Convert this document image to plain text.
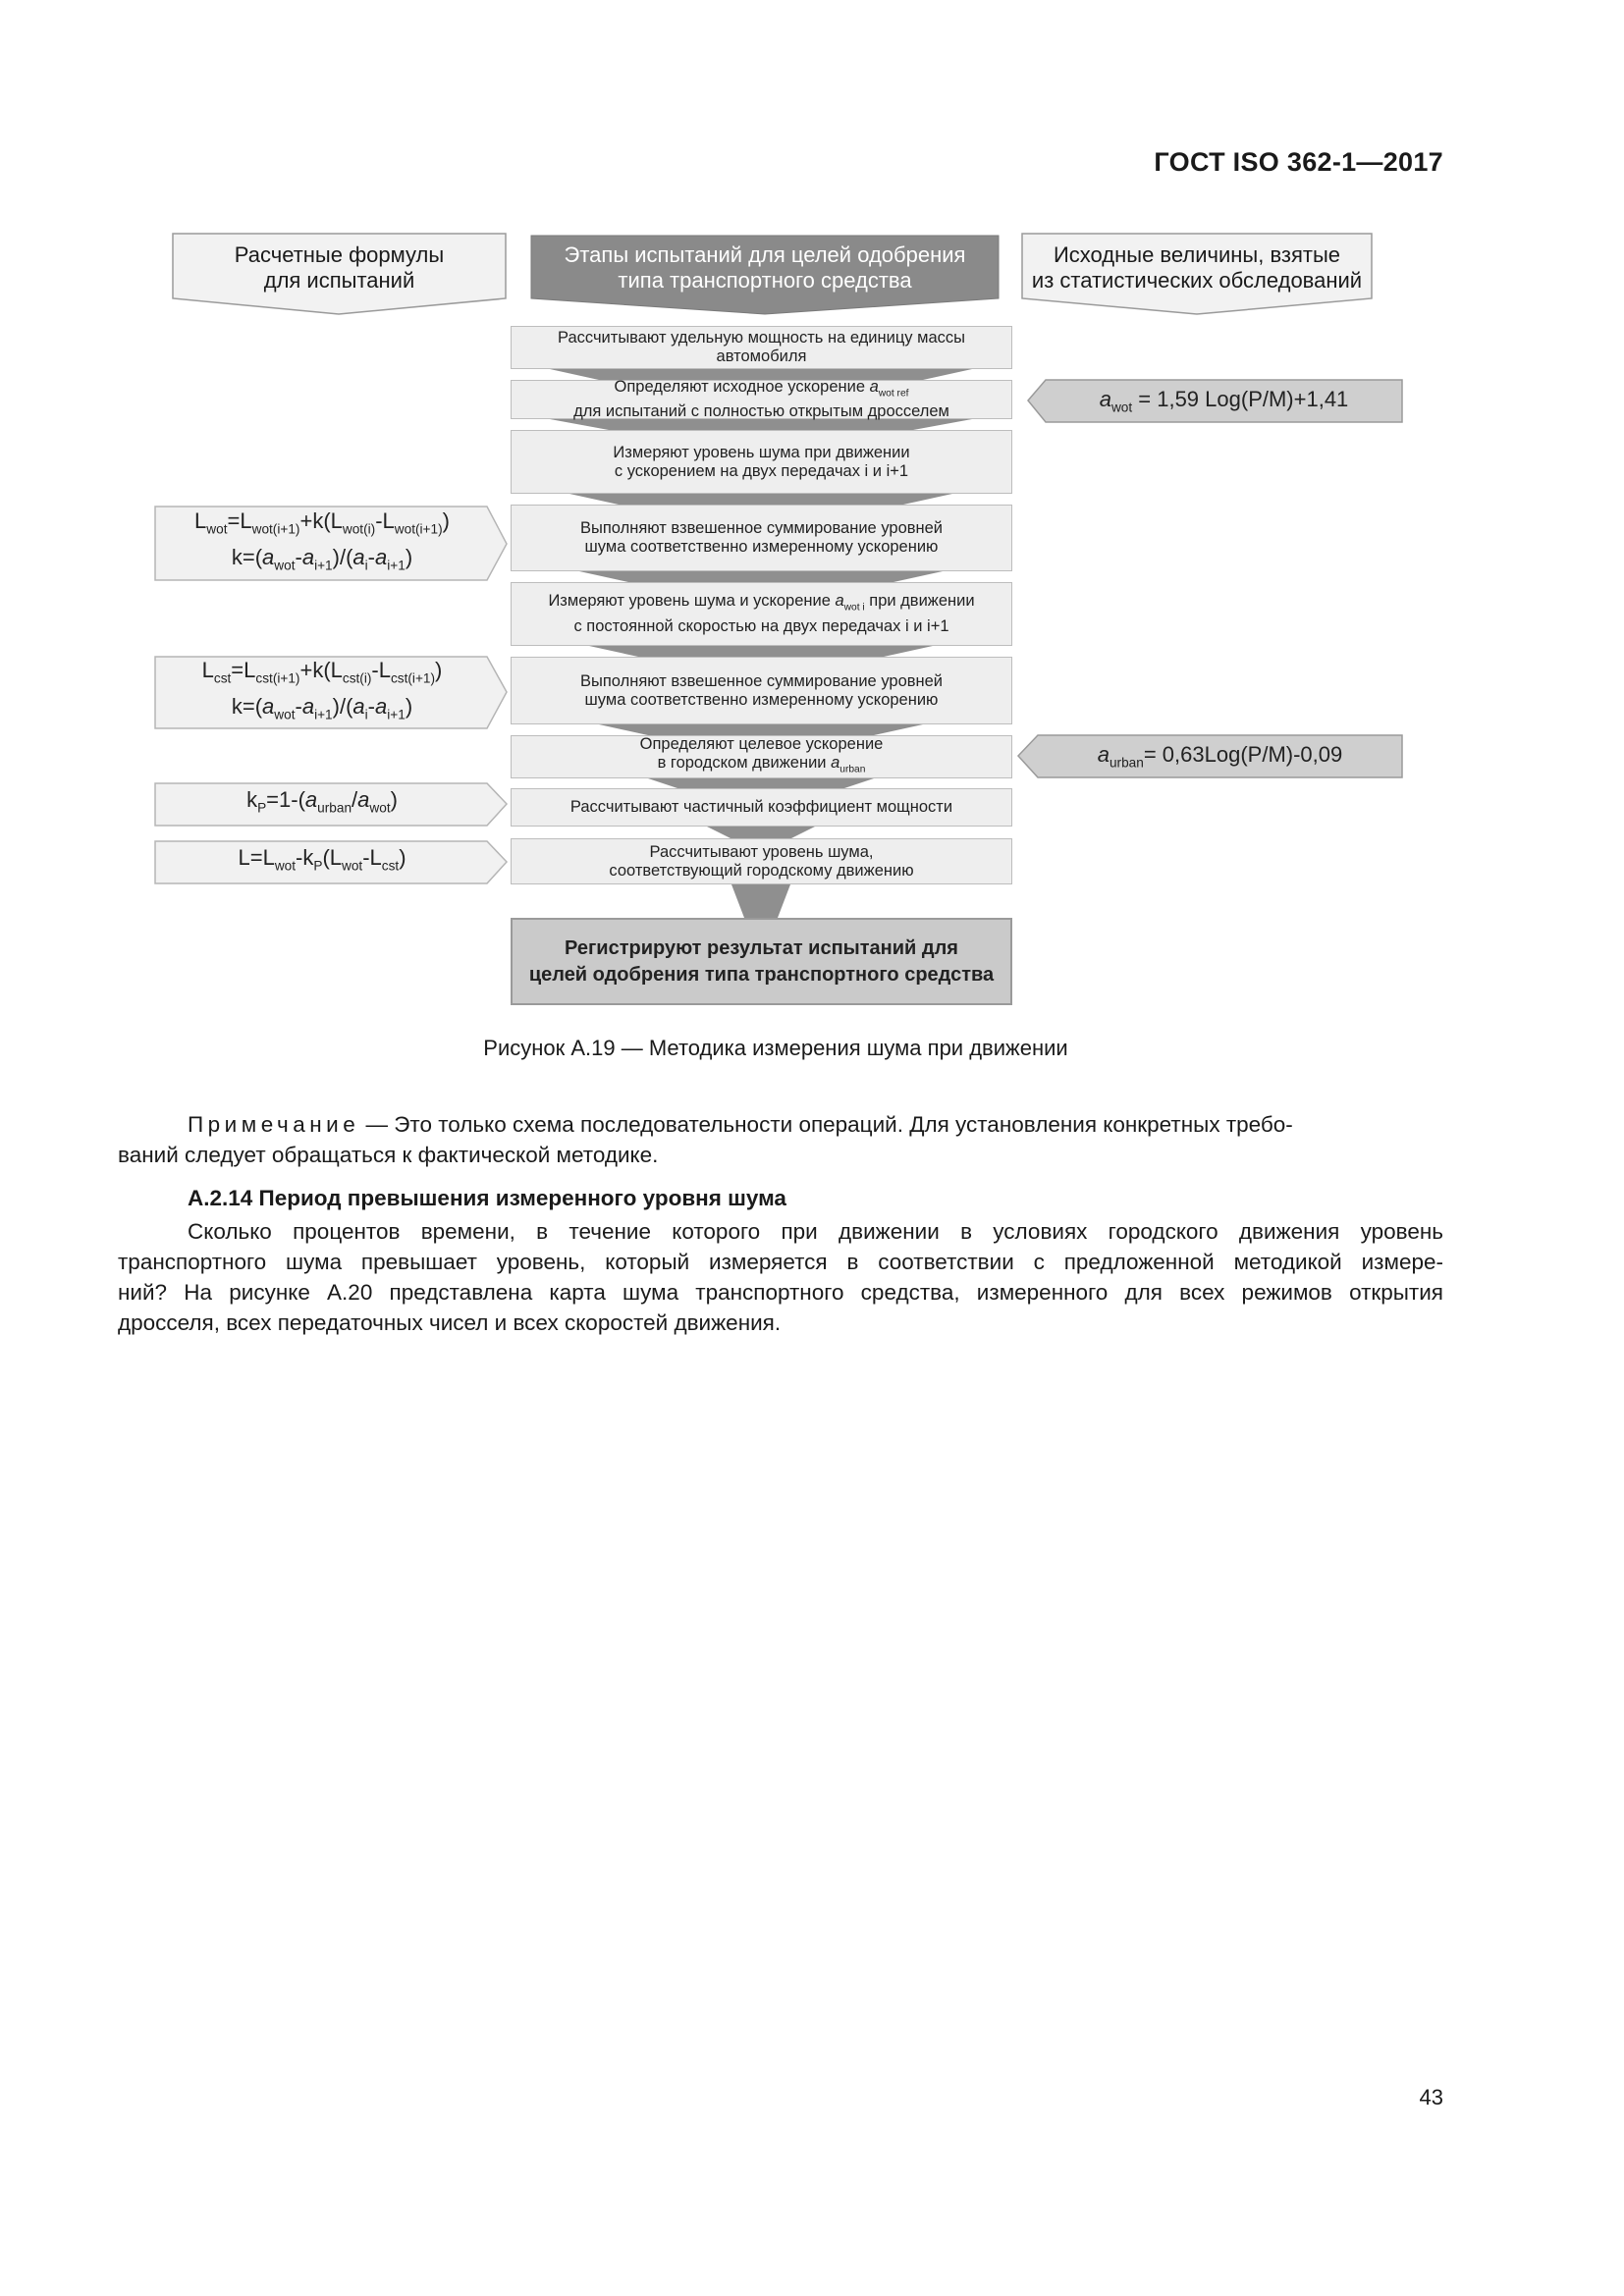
ГОСТ ISO 362-1—2017
Расчетные формулы
для испытаний
Этапы испытаний для целей одобрения
типа транспортного средства
Исходные величины, взятые
из статистических обследований
Рассчитывают удельную мощность на единицу массы
автомобиля
Определяют исходное ускорение $a_{wot ref}$
для испытаний с полностью открытым дросселем
Измеряют уровень шума при движении
с ускорением на двух передачах i и i+1
Выполняют взвешенное суммирование уровней
шума соответственно измеренному ускорению
Измеряют уровень шума и ускорение $a_{wot i}$ при движении
с постоянной скоростью на двух передачах i и i+1
Выполняют взвешенное суммирование уровней
шума соответственно измеренному ускорению
Определяют целевое ускорение
в городском движении $a_{urban}$
Рассчитывают частичный коэффициент мощности
Рассчитывают уровень шума,
соответствующий городскому движению
Регистрируют результат испытаний для
целей одобрения типа транспортного средства
$L_{wot}=L_{wot(i+1)}+k(L_{wot(i)}-L_{wot(i+1)})$
$k=(a_{wot}-a_{i+1})/(a_i-a_{i+1})$
$L_{cst}=L_{cst(i+1)}+k(L_{cst(i)}-L_{cst(i+1)})$
$k=(a_{wot}-a_{i+1})/(a_i-a_{i+1})$
$k_P=1-(a_{urban}/a_{wot})$
$L=L_{wot}-k_P(L_{wot}-L_{cst})$
$a_{wot} = 1,59$ Log(P/M)+1,41
$a_{urban}= 0,63Log(P/M)-0,09$
Рисунок А.19 — Методика измерения шума при движении
Примечание — Это только схема последовательности операций. Для установления конкретных требо-
ваний следует обращаться к фактической методике.
А.2.14 Период превышения измеренного уровня шума
Сколько процентов времени, в течение которого при движении в условиях городского движения уровень
транспортного шума превышает уровень, который измеряется в соответствии с предложенной методикой измере-
ний? На рисунке А.20 представлена карта шума транспортного средства, измеренного для всех режимов открытия
дросселя, всех передаточных чисел и всех скоростей движения.
43
